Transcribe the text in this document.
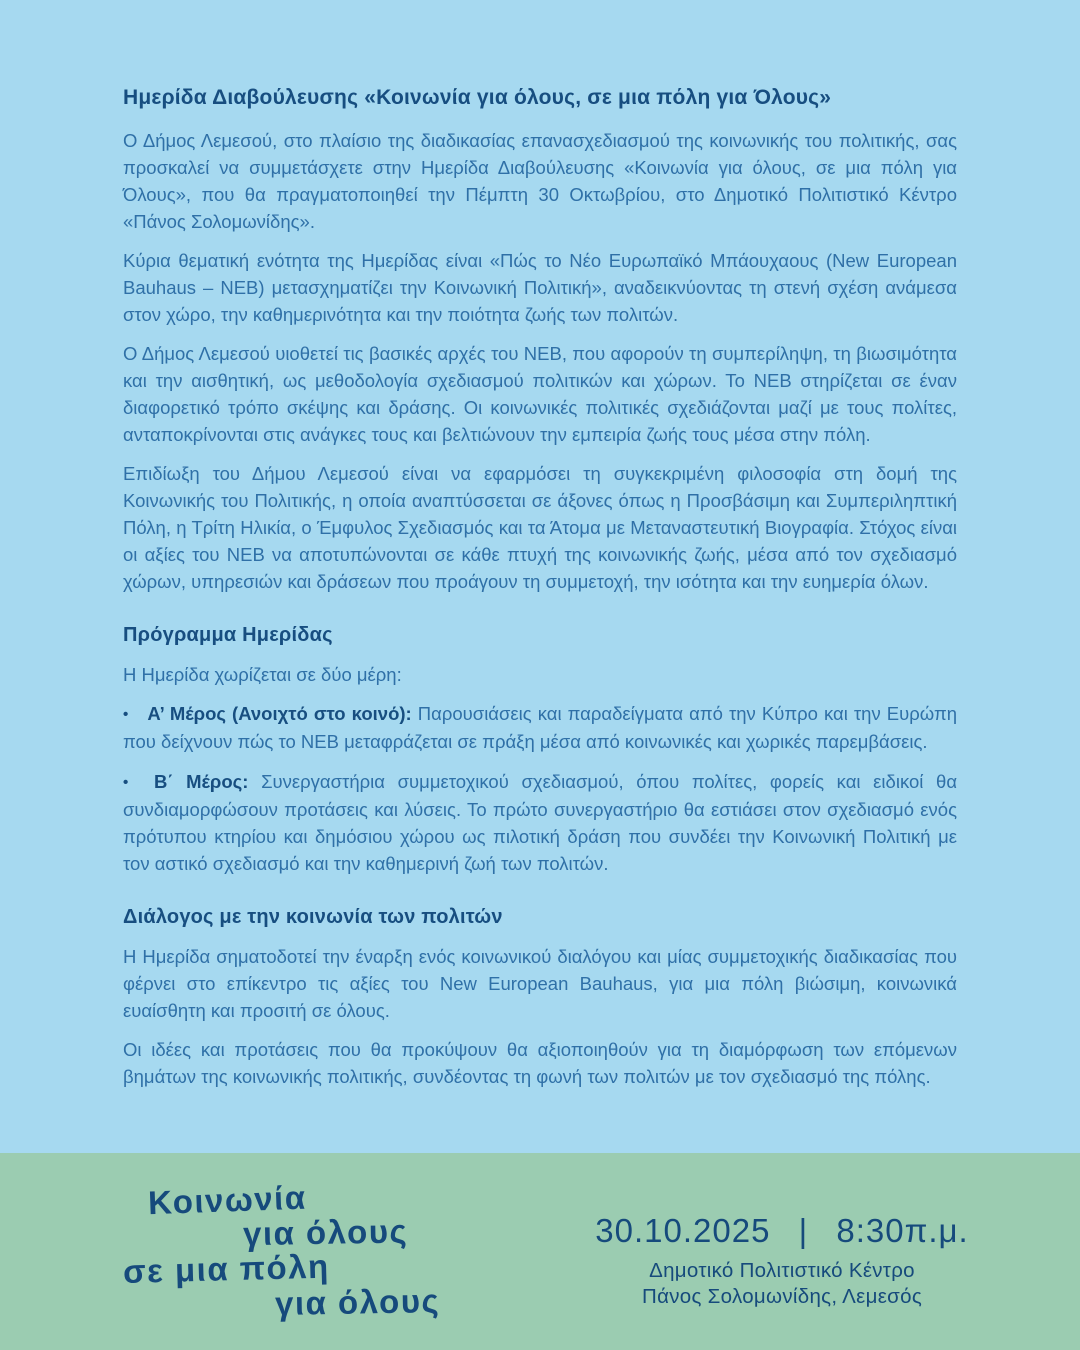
Ημερίδα Διαβούλευσης «Κοινωνία για όλους, σε μια πόλη για Όλους»

Ο Δήμος Λεμεσού, στο πλαίσιο της διαδικασίας επανασχεδιασμού της κοινωνικής του πολιτικής, σας προσκαλεί να συμμετάσχετε στην Ημερίδα Διαβούλευσης «Κοινωνία για όλους, σε μια πόλη για Όλους», που θα πραγματοποιηθεί την Πέμπτη 30 Οκτωβρίου, στο Δημοτικό Πολιτιστικό Κέντρο «Πάνος Σολομωνίδης».

Κύρια θεματική ενότητα της Ημερίδας είναι «Πώς το Νέο Ευρωπαϊκό Μπάουχαους (New European Bauhaus – NEB) μετασχηματίζει την Κοινωνική Πολιτική», αναδεικνύοντας τη στενή σχέση ανάμεσα στον χώρο, την καθημερινότητα και την ποιότητα ζωής των πολιτών.

Ο Δήμος Λεμεσού υιοθετεί τις βασικές αρχές του NEB, που αφορούν τη συμπερίληψη, τη βιωσιμότητα και την αισθητική, ως μεθοδολογία σχεδιασμού πολιτικών και χώρων. Το NEB στηρίζεται σε έναν διαφορετικό τρόπο σκέψης και δράσης. Οι κοινωνικές πολιτικές σχεδιάζονται μαζί με τους πολίτες, ανταποκρίνονται στις ανάγκες τους και βελτιώνουν την εμπειρία ζωής τους μέσα στην πόλη.

Επιδίωξη του Δήμου Λεμεσού είναι να εφαρμόσει τη συγκεκριμένη φιλοσοφία στη δομή της Κοινωνικής του Πολιτικής, η οποία αναπτύσσεται σε άξονες όπως η Προσβάσιμη και Συμπεριληπτική Πόλη, η Τρίτη Ηλικία, ο Έμφυλος Σχεδιασμός και τα Άτομα με Μεταναστευτική Βιογραφία. Στόχος είναι οι αξίες του NEB να αποτυπώνονται σε κάθε πτυχή της κοινωνικής ζωής, μέσα από τον σχεδιασμό χώρων, υπηρεσιών και δράσεων που προάγουν τη συμμετοχή, την ισότητα και την ευημερία όλων.

Πρόγραμμα Ημερίδας

Η Ημερίδα χωρίζεται σε δύο μέρη:

• Α’ Μέρος (Ανοιχτό στο κοινό): Παρουσιάσεις και παραδείγματα από την Κύπρο και την Ευρώπη που δείχνουν πώς το NEB μεταφράζεται σε πράξη μέσα από κοινωνικές και χωρικές παρεμβάσεις.

• Β΄ Μέρος: Συνεργαστήρια συμμετοχικού σχεδιασμού, όπου πολίτες, φορείς και ειδικοί θα συνδιαμορφώσουν προτάσεις και λύσεις. Το πρώτο συνεργαστήριο θα εστιάσει στον σχεδιασμό ενός πρότυπου κτηρίου και δημόσιου χώρου ως πιλοτική δράση που συνδέει την Κοινωνική Πολιτική με τον αστικό σχεδιασμό και την καθημερινή ζωή των πολιτών.

Διάλογος με την κοινωνία των πολιτών

Η Ημερίδα σηματοδοτεί την έναρξη ενός κοινωνικού διαλόγου και μίας συμμετοχικής διαδικασίας που φέρνει στο επίκεντρο τις αξίες του New European Bauhaus, για μια πόλη βιώσιμη, κοινωνικά ευαίσθητη και προσιτή σε όλους.

Οι ιδέες και προτάσεις που θα προκύψουν θα αξιοποιηθούν για τη διαμόρφωση των επόμενων βημάτων της κοινωνικής πολιτικής, συνδέοντας τη φωνή των πολιτών με τον σχεδιασμό της πόλης.

Κοινωνία
για όλους
σε μια πόλη
για όλους
30.10.2025 | 8:30π.μ.
Δημοτικό Πολιτιστικό Κέντρο
Πάνος Σολομωνίδης, Λεμεσός
